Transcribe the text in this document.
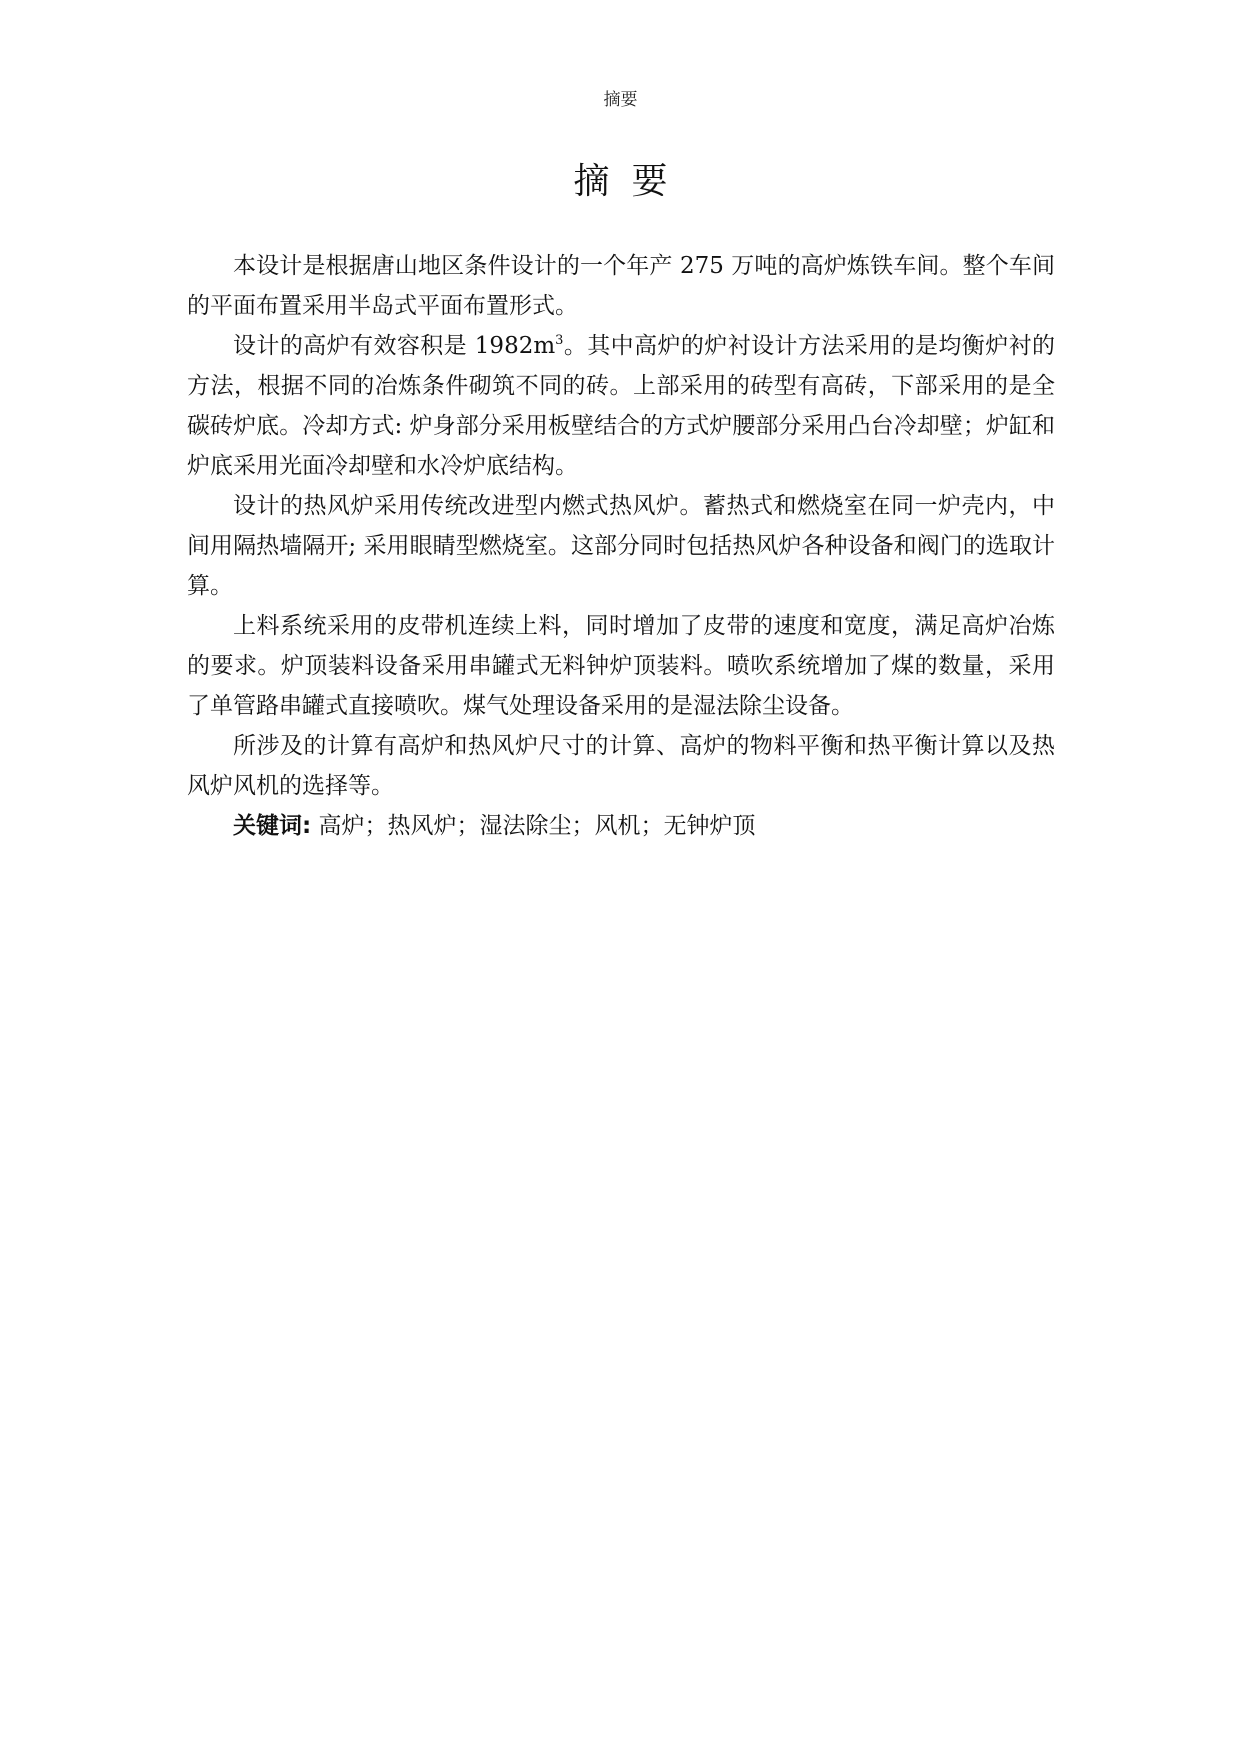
摘要
摘要

本设计是根据唐山地区条件设计的一个年产 275 万吨的高炉炼铁车间。整个车间的平面布置采用半岛式平面布置形式。

设计的高炉有效容积是 $1982m^3$。其中高炉的炉衬设计方法采用的是均衡炉衬的方法，根据不同的冶炼条件砌筑不同的砖。上部采用的砖型有高砖，下部采用的是全碳砖炉底。冷却方式: 炉身部分采用板壁结合的方式炉腰部分采用凸台冷却壁；炉缸和炉底采用光面冷却壁和水冷炉底结构。

设计的热风炉采用传统改进型内燃式热风炉。蓄热式和燃烧室在同一炉壳内，中间用隔热墙隔开; 采用眼睛型燃烧室。这部分同时包括热风炉各种设备和阀门的选取计算。

上料系统采用的皮带机连续上料，同时增加了皮带的速度和宽度，满足高炉冶炼的要求。炉顶装料设备采用串罐式无料钟炉顶装料。喷吹系统增加了煤的数量，采用了单管路串罐式直接喷吹。煤气处理设备采用的是湿法除尘设备。

所涉及的计算有高炉和热风炉尺寸的计算、高炉的物料平衡和热平衡计算以及热风炉风机的选择等。

关键词: 高炉；热风炉；湿法除尘；风机；无钟炉顶
